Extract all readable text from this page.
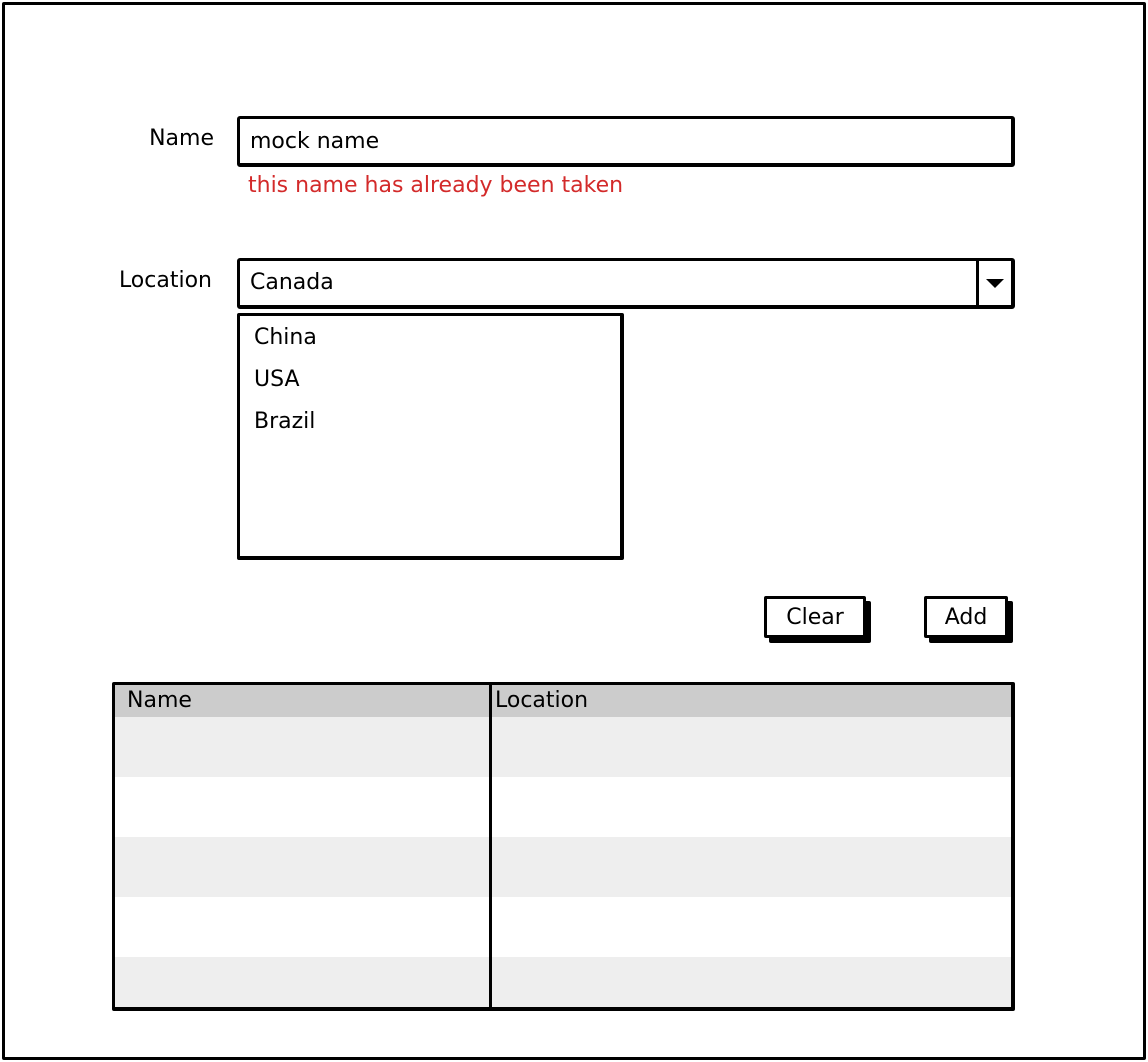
Name
mock name
this name has already been taken
Location Canada
China
USA
Brazil
Clear	Add
Name	Location
